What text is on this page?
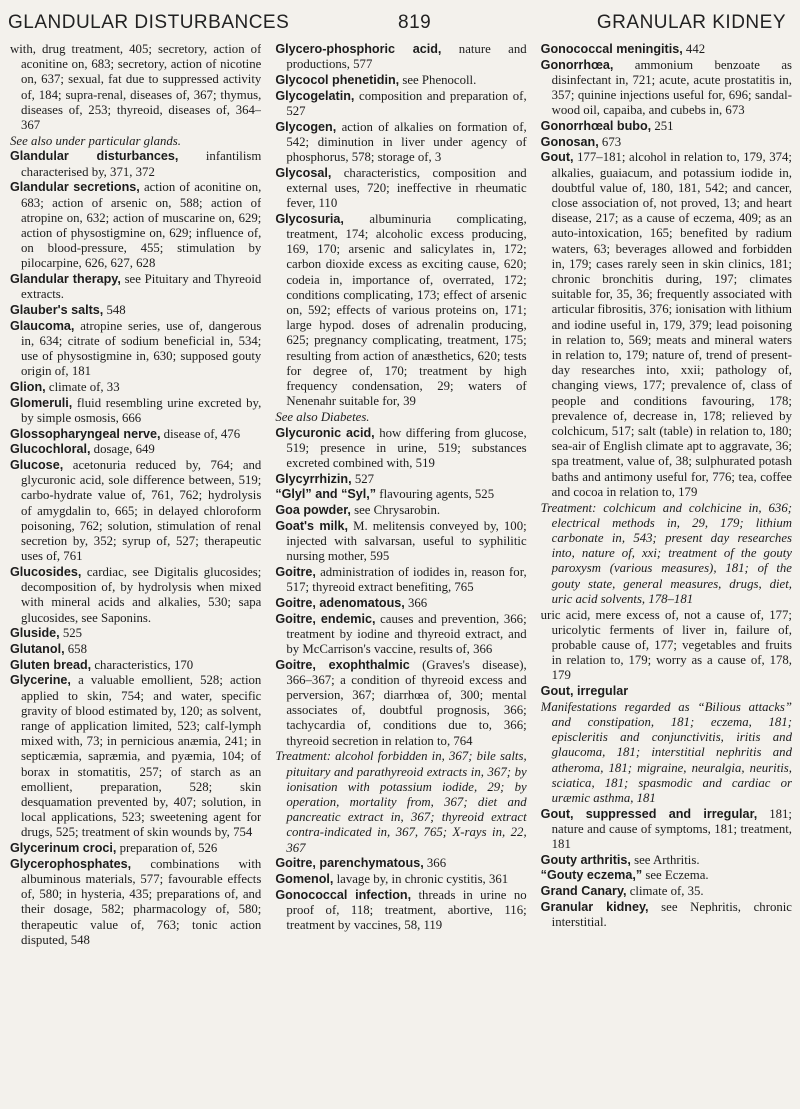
GLANDULAR DISTURBANCES	819	GRANULAR KIDNEY

with, drug treatment, 405; secretory, action of aconitine on, 683; secretory, action of nicotine on, 637; sexual, fat due to suppressed activity of, 184; supra-renal, diseases of, 367; thymus, diseases of, 253; thyreoid, diseases of, 364–367

See also under particular glands.

Glandular disturbances, infantilism characterised by, 371, 372

Glandular secretions, action of aconitine on, 683; action of arsenic on, 588; action of atropine on, 632; action of muscarine on, 629; action of physostigmine on, 629; influence of, on blood-pressure, 455; stimulation by pilocarpine, 626, 627, 628

Glandular therapy, see Pituitary and Thyreoid extracts.

Glauber's salts, 548

Glaucoma, atropine series, use of, dangerous in, 634; citrate of sodium beneficial in, 534; use of physostigmine in, 630; supposed gouty origin of, 181

Glion, climate of, 33

Glomeruli, fluid resembling urine excreted by, by simple osmosis, 666

Glossopharyngeal nerve, disease of, 476

Glucochloral, dosage, 649

Glucose, acetonuria reduced by, 764; and glycuronic acid, sole difference between, 519; carbo-hydrate value of, 761, 762; hydrolysis of amygdalin to, 665; in delayed chloroform poisoning, 762; solution, stimulation of renal secretion by, 352; syrup of, 527; therapeutic uses of, 761

Glucosides, cardiac, see Digitalis glucosides; decomposition of, by hydrolysis when mixed with mineral acids and alkalies, 530; sapa glucosides, see Saponins.

Gluside, 525

Glutanol, 658

Gluten bread, characteristics, 170

Glycerine, a valuable emollient, 528; action applied to skin, 754; and water, specific gravity of blood estimated by, 120; as solvent, range of application limited, 523; calf-lymph mixed with, 73; in pernicious anæmia, 241; in septicæmia, sapræmia, and pyæmia, 104; of borax in stomatitis, 257; of starch as an emollient, preparation, 528; skin desquamation prevented by, 407; solution, in local applications, 523; sweetening agent for drugs, 525; treatment of skin wounds by, 754

Glycerinum croci, preparation of, 526

Glycerophosphates, combinations with albuminous materials, 577; favourable effects of, 580; in hysteria, 435; preparations of, and their dosage, 582; pharmacology of, 580; therapeutic value of, 763; tonic action disputed, 548

Glycero-phosphoric acid, nature and productions, 577

Glycocol phenetidin, see Phenocoll.

Glycogelatin, composition and preparation of, 527

Glycogen, action of alkalies on formation of, 542; diminution in liver under agency of phosphorus, 578; storage of, 3

Glycosal, characteristics, composition and external uses, 720; ineffective in rheumatic fever, 110

Glycosuria, albuminuria complicating, treatment, 174; alcoholic excess producing, 169, 170; arsenic and salicylates in, 172; carbon dioxide excess as exciting cause, 620; codeia in, importance of, overrated, 172; conditions complicating, 173; effect of arsenic on, 592; effects of various proteins on, 171; large hypod. doses of adrenalin producing, 625; pregnancy complicating, treatment, 175; resulting from action of anæsthetics, 620; tests for degree of, 170; treatment by high frequency condensation, 29; waters of Nenenahr suitable for, 39

See also Diabetes.

Glycuronic acid, how differing from glucose, 519; presence in urine, 519; substances excreted combined with, 519

Glycyrrhizin, 527

“Glyl” and “Syl,” flavouring agents, 525

Goa powder, see Chrysarobin.

Goat's milk, M. melitensis conveyed by, 100; injected with salvarsan, useful to syphilitic nursing mother, 595

Goitre, administration of iodides in, reason for, 517; thyreoid extract benefiting, 765

Goitre, adenomatous, 366

Goitre, endemic, causes and prevention, 366; treatment by iodine and thyreoid extract, and by McCarrison's vaccine, results of, 366

Goitre, exophthalmic (Graves's disease), 366–367; a condition of thyreoid excess and perversion, 367; diarrhœa of, 300; mental associates of, doubtful prognosis, 366; tachycardia of, conditions due to, 366; thyreoid secretion in relation to, 764

Treatment: alcohol forbidden in, 367; bile salts, pituitary and parathyreoid extracts in, 367; by ionisation with potassium iodide, 29; by operation, mortality from, 367; diet and pancreatic extract in, 367; thyreoid extract contra-indicated in, 367, 765; X-rays in, 22, 367

Goitre, parenchymatous, 366

Gomenol, lavage by, in chronic cystitis, 361

Gonococcal infection, threads in urine no proof of, 118; treatment, abortive, 116; treatment by vaccines, 58, 119

Gonococcal meningitis, 442

Gonorrhœa, ammonium benzoate as disinfectant in, 721; acute, acute prostatitis in, 357; quinine injections useful for, 696; sandal-wood oil, capaiba, and cubebs in, 673

Gonorrhœal bubo, 251

Gonosan, 673

Gout, 177–181; alcohol in relation to, 179, 374; alkalies, guaiacum, and potassium iodide in, doubtful value of, 180, 181, 542; and cancer, close association of, not proved, 13; and heart disease, 217; as a cause of eczema, 409; as an auto-intoxication, 165; benefited by radium waters, 63; beverages allowed and forbidden in, 179; cases rarely seen in skin clinics, 181; chronic bronchitis during, 197; climates suitable for, 35, 36; frequently associated with articular fibrositis, 376; ionisation with lithium and iodine useful in, 179, 379; lead poisoning in relation to, 569; meats and mineral waters in relation to, 179; nature of, trend of present-day researches into, xxii; pathology of, changing views, 177; prevalence of, class of people and conditions favouring, 178; prevalence of, decrease in, 178; relieved by colchicum, 517; salt (table) in relation to, 180; sea-air of English climate apt to aggravate, 36; spa treatment, value of, 38; sulphurated potash baths and antimony useful for, 776; tea, coffee and cocoa in relation to, 179

Treatment: colchicum and colchicine in, 636; electrical methods in, 29, 179; lithium carbonate in, 543; present day researches into, nature of, xxi; treatment of the gouty paroxysm (various measures), 181; of the gouty state, general measures, drugs, diet, uric acid solvents, 178–181

uric acid, mere excess of, not a cause of, 177; uricolytic ferments of liver in, failure of, probable cause of, 177; vegetables and fruits in relation to, 179; worry as a cause of, 178, 179

Gout, irregular

Manifestations regarded as “Bilious attacks” and constipation, 181; eczema, 181; episcleritis and conjunctivitis, iritis and glaucoma, 181; interstitial nephritis and atheroma, 181; migraine, neuralgia, neuritis, sciatica, 181; spasmodic and cardiac or uræmic asthma, 181

Gout, suppressed and irregular, 181; nature and cause of symptoms, 181; treatment, 181

Gouty arthritis, see Arthritis.

“Gouty eczema,” see Eczema.

Grand Canary, climate of, 35.

Granular kidney, see Nephritis, chronic interstitial.
